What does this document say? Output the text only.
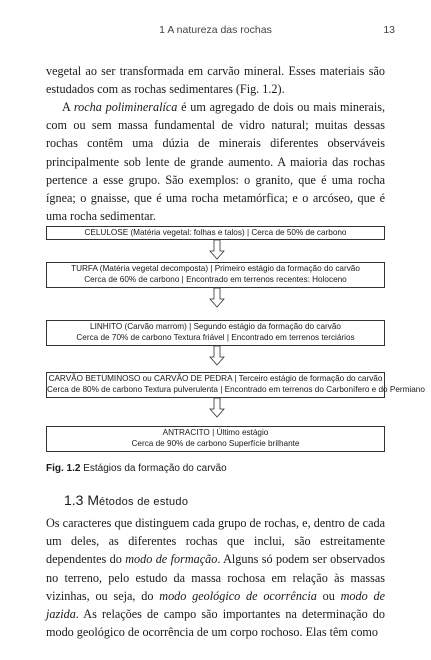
1 A natureza das rochas	13
vegetal ao ser transformada em carvão mineral. Esses materiais são estudados com as rochas sedimentares (Fig. 1.2).
A rocha polimineralíca é um agregado de dois ou mais minerais, com ou sem massa fundamental de vidro natural; muitas dessas rochas contêm uma dúzia de minerais diferentes observáveis principalmente sob lente de grande aumento. A maioria das rochas pertence a esse grupo. São exemplos: o granito, que é uma rocha ígnea; o gnaisse, que é uma rocha metamórfica; e o arcóseo, que é uma rocha sedimentar.
CELULOSE (Matéria vegetal: folhas e talos) | Cerca de 50% de carbono
TURFA (Matéria vegetal decomposta) | Primeiro estágio da formação do carvão
Cerca de 60% de carbono | Encontrado em terrenos recentes: Holoceno
LINHITO (Carvão marrom) | Segundo estágio da formação do carvão
Cerca de 70% de carbono Textura friável | Encontrado em terrenos terciários
CARVÃO BETUMINOSO ou CARVÃO DE PEDRA | Terceiro estágio de formação do carvão
Cerca de 80% de carbono Textura pulverulenta | Encontrado em terrenos do Carbonífero e do Permiano
ANTRACITO | Último estágio
Cerca de 90% de carbono Superfície brilhante
Fig. 1.2 Estágios da formação do carvão
1.3 Métodos de estudo
Os caracteres que distinguem cada grupo de rochas, e, dentro de cada um deles, as diferentes rochas que inclui, são estreitamente dependentes do modo de formação. Alguns só podem ser observados no terreno, pelo estudo da massa rochosa em relação às massas vizinhas, ou seja, do modo geológico de ocorrência ou modo de jazida. As relações de campo são importantes na determinação do modo geológico de ocorrência de um corpo rochoso. Elas têm como
